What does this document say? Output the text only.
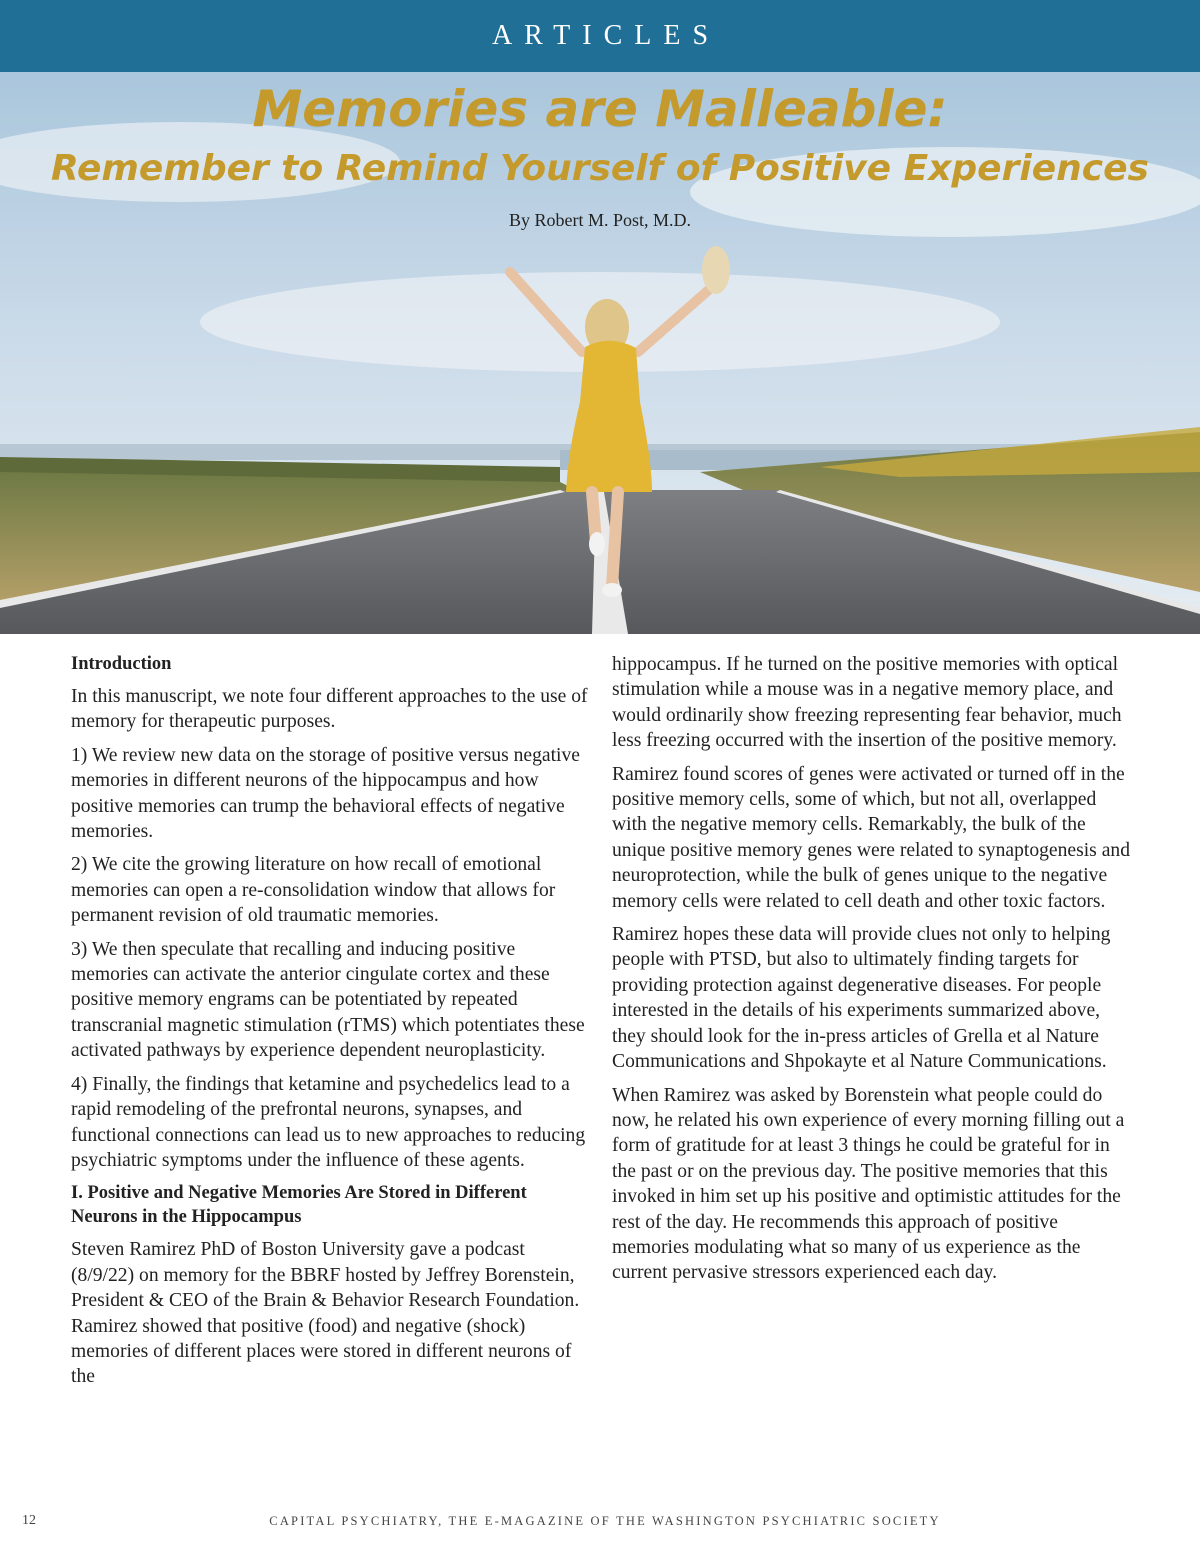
ARTICLES
Memories are Malleable:
Remember to Remind Yourself of Positive Experiences
By Robert M. Post, M.D.
Introduction

In this manuscript, we note four different approaches to the use of memory for therapeutic purposes.

1) We review new data on the storage of positive versus negative memories in different neurons of the hippocampus and how positive memories can trump the behavioral effects of negative memories.

2) We cite the growing literature on how recall of emotional memories can open a re-consolidation window that allows for permanent revision of old traumatic memories.

3) We then speculate that recalling and inducing positive memories can activate the anterior cingulate cortex and these positive memory engrams can be potentiated by repeated transcranial magnetic stimulation (rTMS) which potentiates these activated pathways by experience dependent neuroplasticity.

4) Finally, the findings that ketamine and psychedelics lead to a rapid remodeling of the prefrontal neurons, synapses, and functional connections can lead us to new approaches to reducing psychiatric symptoms under the influence of these agents.

I. Positive and Negative Memories Are Stored in Different Neurons in the Hippocampus

Steven Ramirez PhD of Boston University gave a podcast (8/9/22) on memory for the BBRF hosted by Jeffrey Borenstein, President & CEO of the Brain & Behavior Research Foundation. Ramirez showed that positive (food) and negative (shock) memories of different places were stored in different neurons of the

hippocampus. If he turned on the positive memories with optical stimulation while a mouse was in a negative memory place, and would ordinarily show freezing representing fear behavior, much less freezing occurred with the insertion of the positive memory.

Ramirez found scores of genes were activated or turned off in the positive memory cells, some of which, but not all, overlapped with the negative memory cells. Remarkably, the bulk of the unique positive memory genes were related to synaptogenesis and neuroprotection, while the bulk of genes unique to the negative memory cells were related to cell death and other toxic factors.

Ramirez hopes these data will provide clues not only to helping people with PTSD, but also to ultimately finding targets for providing protection against degenerative diseases. For people interested in the details of his experiments summarized above, they should look for the in-press articles of Grella et al Nature Communications and Shpokayte et al Nature Communications.

When Ramirez was asked by Borenstein what people could do now, he related his own experience of every morning filling out a form of gratitude for at least 3 things he could be grateful for in the past or on the previous day. The positive memories that this invoked in him set up his positive and optimistic attitudes for the rest of the day. He recommends this approach of positive memories modulating what so many of us experience as the current pervasive stressors experienced each day.

12	CAPITAL PSYCHIATRY, THE E-MAGAZINE OF THE WASHINGTON PSYCHIATRIC SOCIETY
